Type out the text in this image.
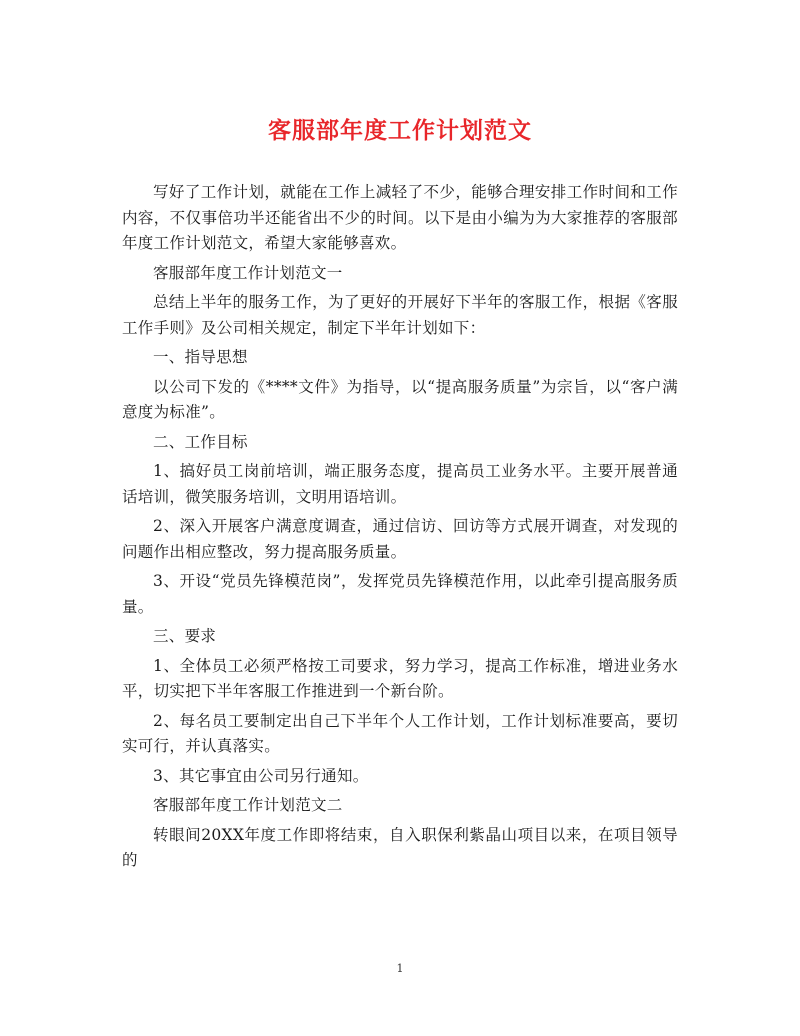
客服部年度工作计划范文

写好了工作计划，就能在工作上减轻了不少，能够合理安排工作时间和工作内容，不仅事倍功半还能省出不少的时间。以下是由小编为为大家推荐的客服部年度工作计划范文，希望大家能够喜欢。

客服部年度工作计划范文一

总结上半年的服务工作，为了更好的开展好下半年的客服工作，根据《客服工作手则》及公司相关规定，制定下半年计划如下：

一、指导思想

以公司下发的《****文件》为指导，以“提高服务质量”为宗旨，以“客户满意度为标准”。

二、工作目标

1、搞好员工岗前培训，端正服务态度，提高员工业务水平。主要开展普通话培训，微笑服务培训，文明用语培训。

2、深入开展客户满意度调查，通过信访、回访等方式展开调查，对发现的问题作出相应整改，努力提高服务质量。

3、开设“党员先锋模范岗”，发挥党员先锋模范作用，以此牵引提高服务质量。

三、要求

1、全体员工必须严格按工司要求，努力学习，提高工作标准，增进业务水平，切实把下半年客服工作推进到一个新台阶。

2、每名员工要制定出自己下半年个人工作计划，工作计划标准要高，要切实可行，并认真落实。

3、其它事宜由公司另行通知。

客服部年度工作计划范文二

转眼间20XX年度工作即将结束，自入职保利紫晶山项目以来，在项目领导的

1
